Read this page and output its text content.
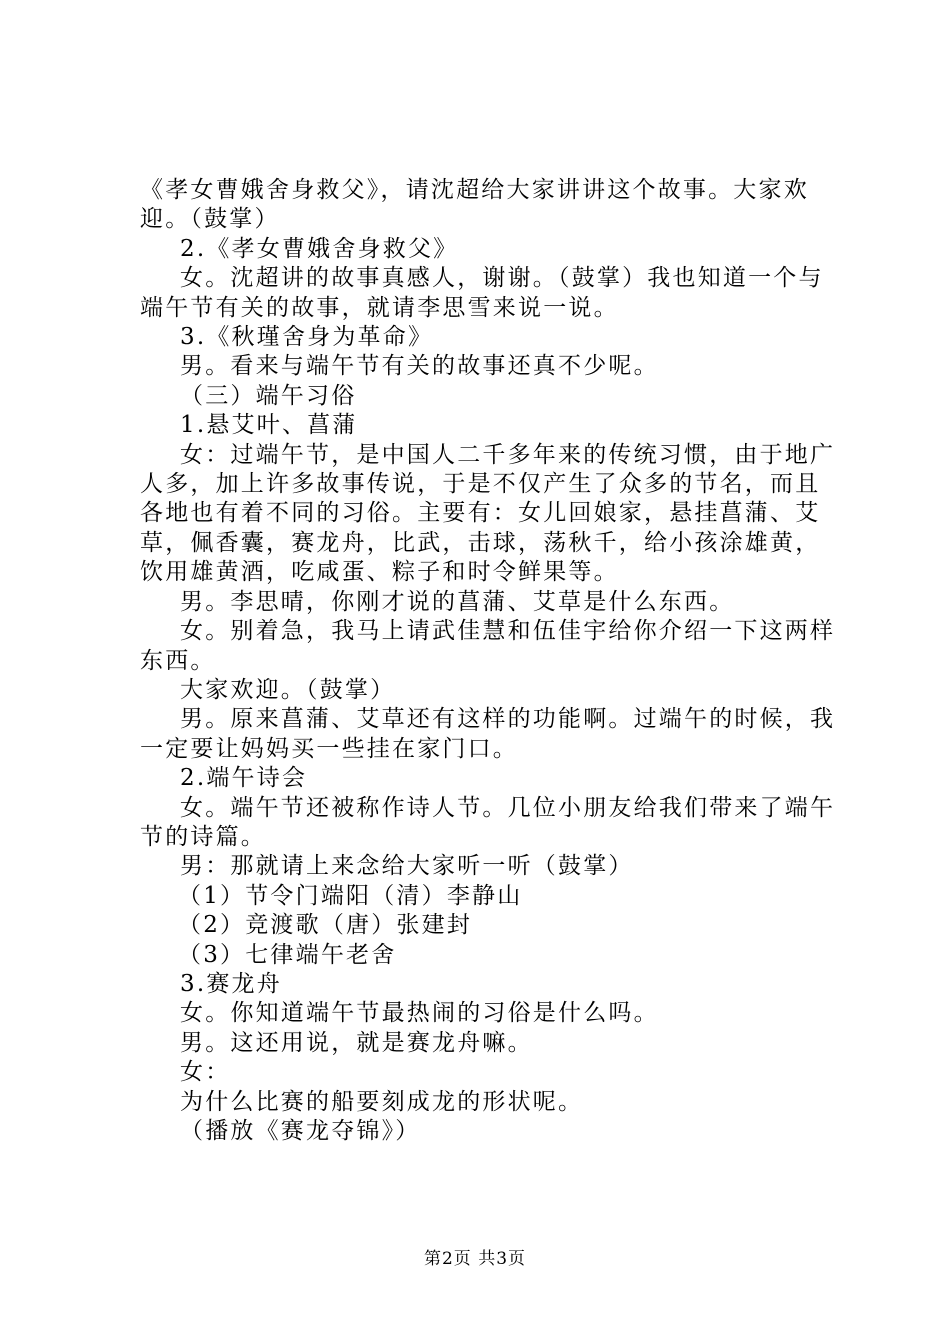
《孝女曹娥舍身救父》，请沈超给大家讲讲这个故事。大家欢迎。（鼓掌）

2.《孝女曹娥舍身救父》

女。沈超讲的故事真感人，谢谢。（鼓掌）我也知道一个与端午节有关的故事，就请李思雪来说一说。

3.《秋瑾舍身为革命》

男。看来与端午节有关的故事还真不少呢。

（三）端午习俗

1.悬艾叶、菖蒲

女：过端午节，是中国人二千多年来的传统习惯，由于地广人多，加上许多故事传说，于是不仅产生了众多的节名，而且各地也有着不同的习俗。主要有：女儿回娘家，悬挂菖蒲、艾草，佩香囊，赛龙舟，比武，击球，荡秋千，给小孩涂雄黄，饮用雄黄酒，吃咸蛋、粽子和时令鲜果等。

男。李思晴，你刚才说的菖蒲、艾草是什么东西。

女。别着急，我马上请武佳慧和伍佳宇给你介绍一下这两样东西。

大家欢迎。（鼓掌）

男。原来菖蒲、艾草还有这样的功能啊。过端午的时候，我一定要让妈妈买一些挂在家门口。

2.端午诗会

女。端午节还被称作诗人节。几位小朋友给我们带来了端午节的诗篇。

男：那就请上来念给大家听一听（鼓掌）

（1）节令门端阳（清）李静山

（2）竞渡歌（唐）张建封

（3）七律端午老舍

3.赛龙舟

女。你知道端午节最热闹的习俗是什么吗。

男。这还用说，就是赛龙舟嘛。

女：

为什么比赛的船要刻成龙的形状呢。

（播放《赛龙夺锦》）

第2页 共3页
